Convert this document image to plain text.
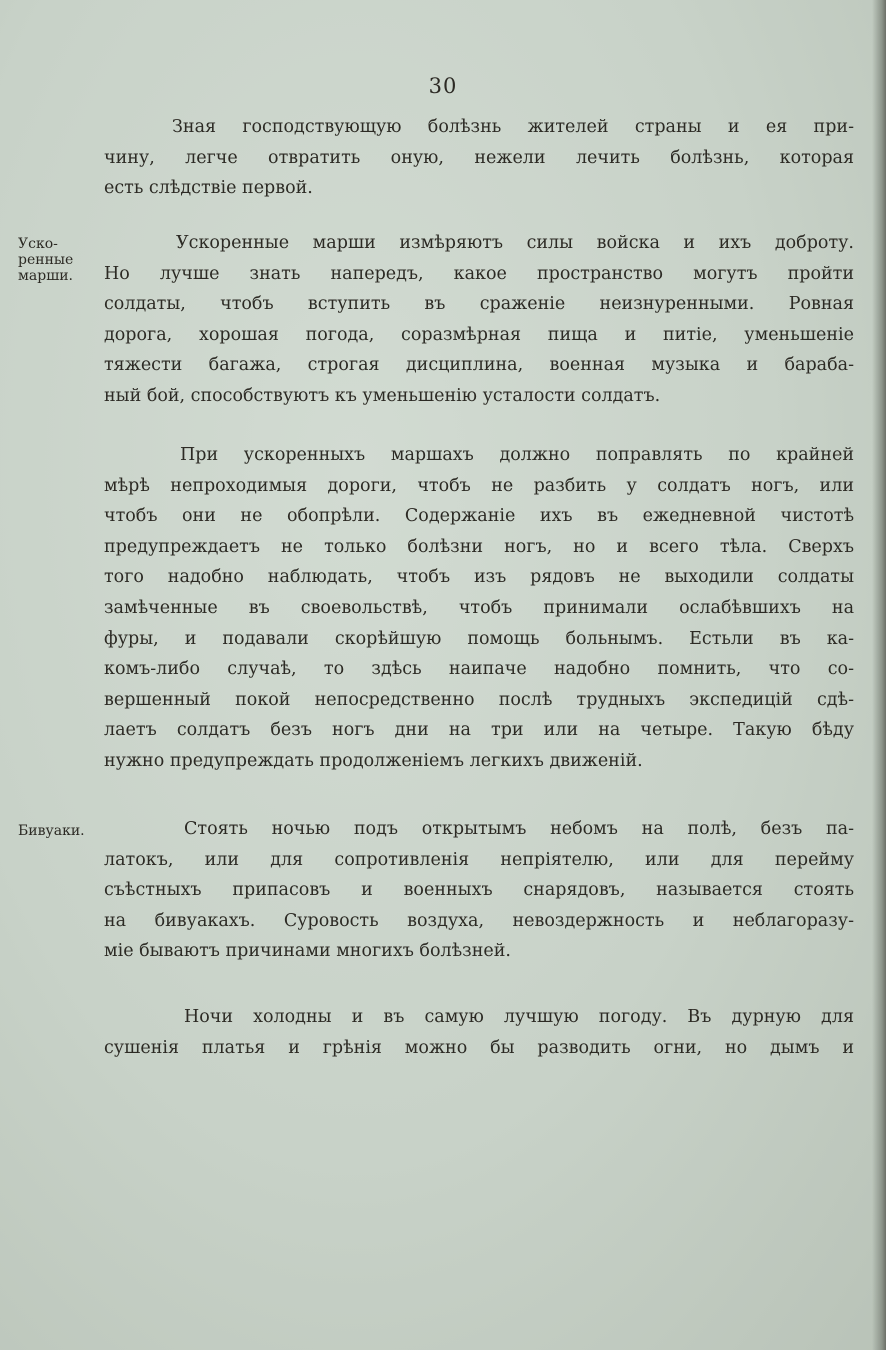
30

Зная господствующую болѣзнь жителей страны и ея при-
чину, легче отвратить оную, нежели лечить болѣзнь, которая
есть слѣдствіе первой.

Уско-
ренные
марши.

Ускоренные марши измѣряютъ силы войска и ихъ доброту.
Но лучше знать напередъ, какое пространство могутъ пройти
солдаты, чтобъ вступить въ сраженіе неизнуренными. Ровная
дорога, хорошая погода, соразмѣрная пища и питіе, уменьшеніе
тяжести багажа, строгая дисциплина, военная музыка и бараба-
ный бой, способствуютъ къ уменьшенію усталости солдатъ.

При ускоренныхъ маршахъ должно поправлять по крайней
мѣрѣ непроходимыя дороги, чтобъ не разбить у солдатъ ногъ, или
чтобъ они не обопрѣли. Содержаніе ихъ въ ежедневной чистотѣ
предупреждаетъ не только болѣзни ногъ, но и всего тѣла. Сверхъ
того надобно наблюдать, чтобъ изъ рядовъ не выходили солдаты
замѣченные въ своевольствѣ, чтобъ принимали ослабѣвшихъ на
фуры, и подавали скорѣйшую помощь больнымъ. Естьли въ ка-
комъ-либо случаѣ, то здѣсь наипаче надобно помнить, что со-
вершенный покой непосредственно послѣ трудныхъ экспедицій сдѣ-
лаетъ солдатъ безъ ногъ дни на три или на четыре. Такую бѣду
нужно предупреждать продолженіемъ легкихъ движеній.

Бивуаки.	Стоять ночью подъ открытымъ небомъ на полѣ, безъ па-
латокъ, или для сопротивленія непріятелю, или для перейму
съѣстныхъ припасовъ и военныхъ снарядовъ, называется стоять
на бивуакахъ. Суровость воздуха, невоздержность и неблагоразу-
міе бываютъ причинами многихъ болѣзней.

Ночи холодны и въ самую лучшую погоду. Въ дурную для
сушенія платья и грѣнія можно бы разводить огни, но дымъ и
